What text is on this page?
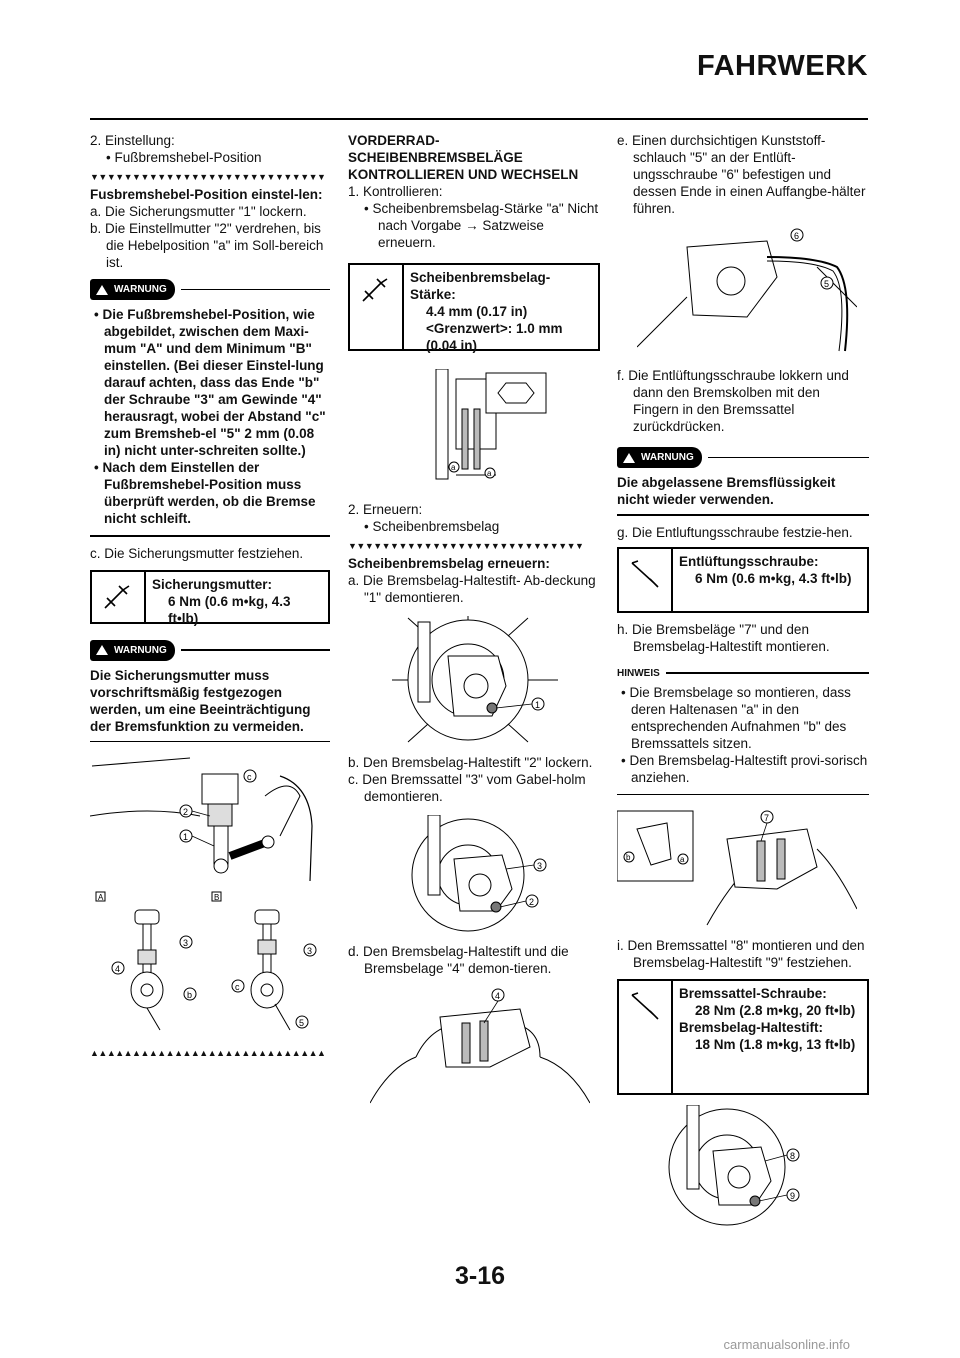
FAHRWERK

2. Einstellung:

• Fußbremshebel-Position

▼▼▼▼▼▼▼▼▼▼▼▼▼▼▼▼▼▼▼▼▼▼▼▼▼▼▼▼

Fusbremshebel-Position einstel-len:

a. Die Sicherungsmutter "1" lockern.

b. Die Einstellmutter "2" verdrehen, bis die Hebelposition "a" im Soll-bereich ist.

WARNUNG

• Die Fußbremshebel-Position, wie abgebildet, zwischen dem Maxi-mum "A" und dem Minimum "B" einstellen. (Bei dieser Einstel-lung darauf achten, dass das Ende "b" der Schraube "3" am Gewinde "4" herausragt, wobei der Abstand "c" zum Bremsheb-el "5" 2 mm (0.08 in) nicht unter-schreiten sollte.)

• Nach dem Einstellen der Fußbremshebel-Position muss überprüft werden, ob die Bremse nicht schleift.

c. Die Sicherungsmutter festziehen.

Sicherungsmutter:
6 Nm (0.6 m•kg, 4.3 ft•lb)
WARNUNG

Die Sicherungsmutter muss vorschriftsmäßig festgezogen werden, um eine Beeinträchtigung der Bremsfunktion zu vermeiden.

c
2
1
A	B
3
4
b
3
c
5
▲▲▲▲▲▲▲▲▲▲▲▲▲▲▲▲▲▲▲▲▲▲▲▲▲▲▲▲

VORDERRAD-SCHEIBENBREMSBELÄGE KONTROLLIEREN UND WECHSELN

1. Kontrollieren:

• Scheibenbremsbelag-Stärke "a" Nicht nach Vorgabe → Satzweise erneuern.

Scheibenbremsbelag-Stärke:
4.4 mm (0.17 in)
<Grenzwert>: 1.0 mm (0.04 in)
a
a

2. Erneuern:

• Scheibenbremsbelag

▼▼▼▼▼▼▼▼▼▼▼▼▼▼▼▼▼▼▼▼▼▼▼▼▼▼▼▼

Scheibenbremsbelag erneuern:

a. Die Bremsbelag-Haltestift- Ab-deckung "1" demontieren.

1

b. Den Bremsbelag-Haltestift "2" lockern.

c. Den Bremssattel "3" vom Gabel-holm demontieren.

3
2

d. Den Bremsbelag-Haltestift und die Bremsbelage "4" demon-tieren.

4

e. Einen durchsichtigen Kunststoff-schlauch "5" an der Entlüft-ungsschraube "6" befestigen und dessen Ende in einen Auffangbe-hälter führen.

6
5

f. Die Entlüftungsschraube lokkern und dann den Bremskolben mit den Fingern in den Bremssattel zurückdrücken.

WARNUNG

Die abgelassene Bremsflüssigkeit nicht wieder verwenden.

g. Die Entluftungsschraube festzie-hen.

Entlüftungsschraube:
6 Nm (0.6 m•kg, 4.3 ft•lb)

h. Die Bremsbeläge "7" und den Bremsbelag-Haltestift montieren.

HINWEIS

• Die Bremsbelage so montieren, dass deren Haltenasen "a" in den entsprechenden Aufnahmen "b" des Bremssattels sitzen.

• Den Bremsbelag-Haltestift provi-sorisch anziehen.

b	a
7

i. Den Bremssattel "8" montieren und den Bremsbelag-Haltestift "9" festziehen.

Bremssattel-Schraube:
28 Nm (2.8 m•kg, 20 ft•lb)
Bremsbelag-Haltestift:
18 Nm (1.8 m•kg, 13 ft•lb)
8
9
3-16
carmanualsonline.info
